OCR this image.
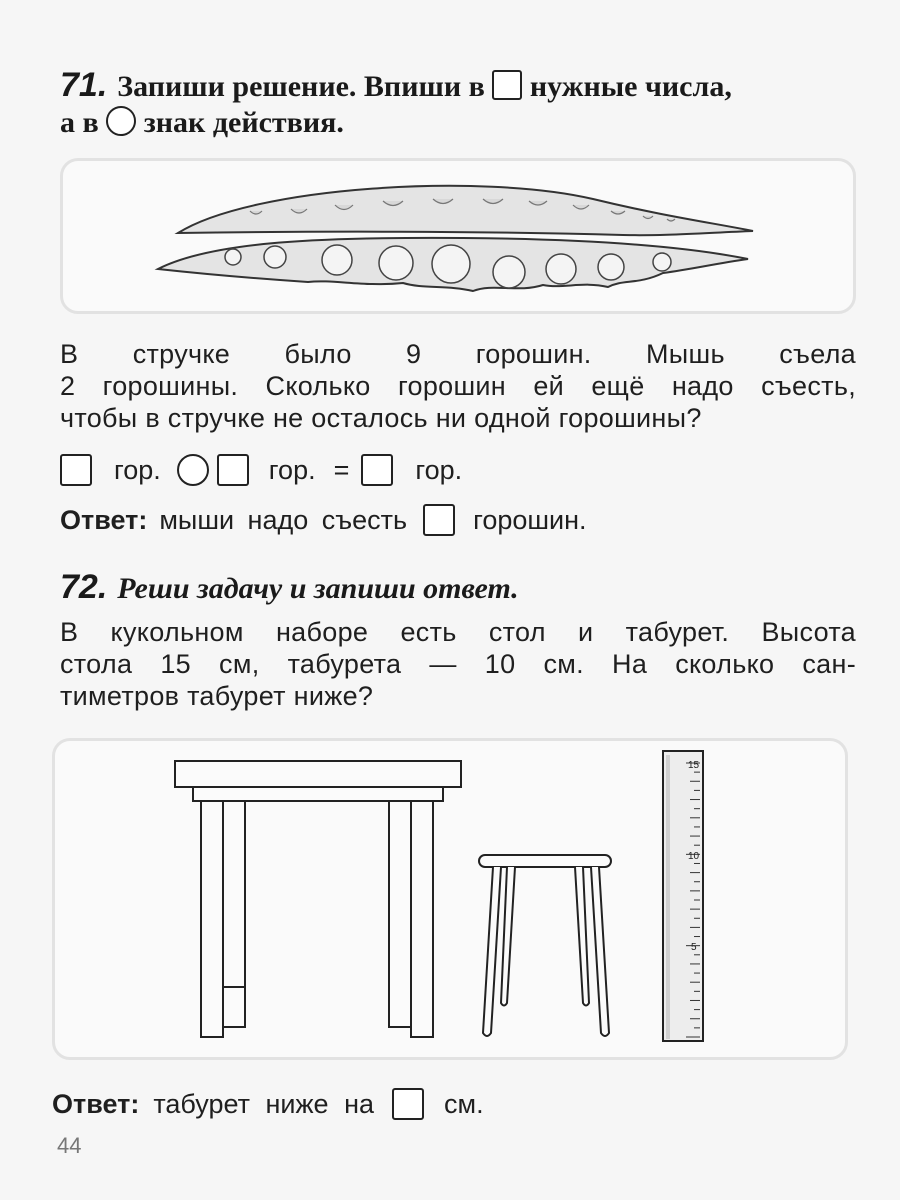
71. Запиши решение. Впиши в нужные числа,
а в знак действия.
В стручке было 9 горошин. Мышь съела
2 горошины. Сколько горошин ей ещё надо съесть,
чтобы в стручке не осталось ни одной горошины?
гор.	гор. = гор.
Ответ: мыши надо съесть горошин.
72. Реши задачу и запиши ответ.
В кукольном наборе есть стол и табурет. Высота
стола 15 см, табурета — 10 см. На сколько сан-
тиметров табурет ниже?
15
10
5
Ответ: табурет ниже на	см.
44
